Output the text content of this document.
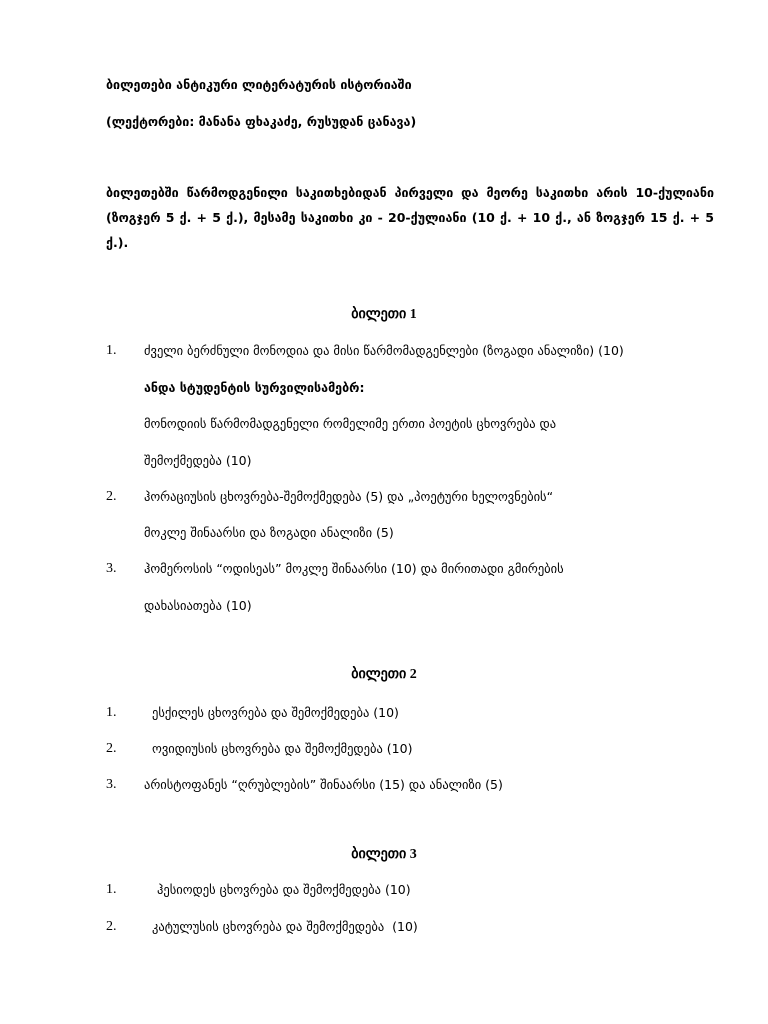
ბილეთები ანტიკური ლიტერატურის ისტორიაში
(ლექტორები: მანანა ფხაკაძე, რუსუდან ცანავა)
ბილეთებში წარმოდგენილი საკითხებიდან პირველი და მეორე საკითხი არის 10-ქულიანი (ზოგჯერ 5 ქ. + 5 ქ.), მესამე საკითხი კი - 20-ქულიანი (10 ქ. + 10 ქ., ან ზოგჯერ 15 ქ. + 5 ქ.).
ბილეთი 1
1. ძველი ბერძნული მონოდია და მისი წარმომადგენლები (ზოგადი ანალიზი) (10)
ანდა სტუდენტის სურვილისამებრ:
მონოდიის წარმომადგენელი რომელიმე ერთი პოეტის ცხოვრება და
შემოქმედება (10)
2. ჰორაციუსის ცხოვრება-შემოქმედება (5) და „პოეტური ხელოვნების“
მოკლე შინაარსი და ზოგადი ანალიზი (5)
3. ჰომეროსის “ოდისეას” მოკლე შინაარსი (10) და მირითადი გმირების
დახასიათება (10)
ბილეთი 2
1.	ესქილეს ცხოვრება და შემოქმედება (10)
2.	ოვიდიუსის ცხოვრება და შემოქმედება (10)
3. არისტოფანეს “ღრუბლების” შინაარსი (15) და ანალიზი (5)
ბილეთი 3
1.	ჰესიოდეს ცხოვრება და შემოქმედება (10)
2.	კატულუსის ცხოვრება და შემოქმედება  (10)
